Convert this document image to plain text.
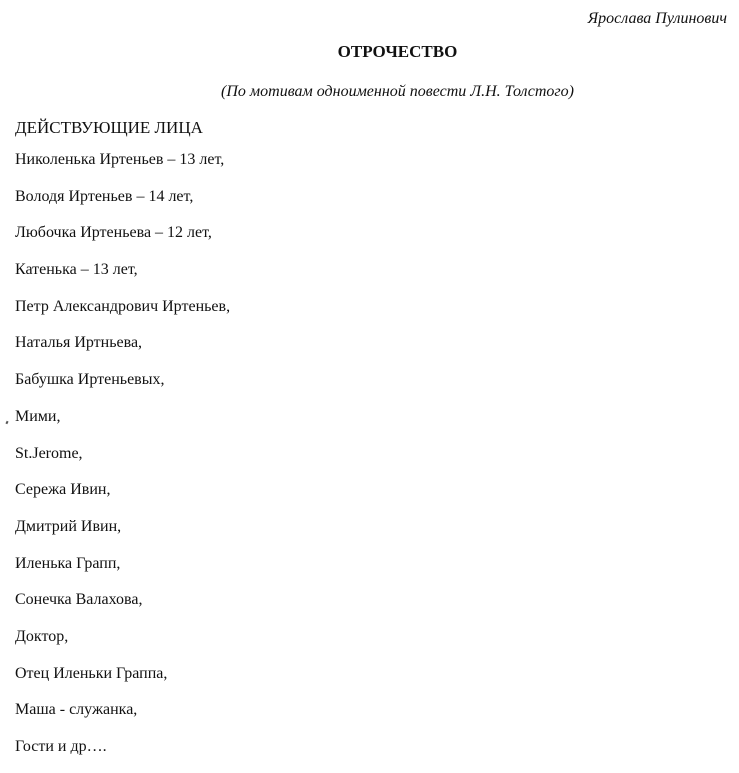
Ярослава Пулинович
ОТРОЧЕСТВО
(По мотивам одноименной повести Л.Н. Толстого)
ДЕЙСТВУЮЩИЕ ЛИЦА
Николенька Иртеньев – 13 лет,
Володя Иртеньев – 14 лет,
Любочка Иртеньева – 12 лет,
Катенька – 13 лет,
Петр Александрович Иртеньев,
Наталья Иртньева,
Бабушка Иртеньевых,
Мими,
St.Jerome,
Сережа Ивин,
Дмитрий Ивин,
Иленька Грапп,
Сонечка Валахова,
Доктор,
Отец Иленьки Граппа,
Маша - служанка,
Гости и др….
